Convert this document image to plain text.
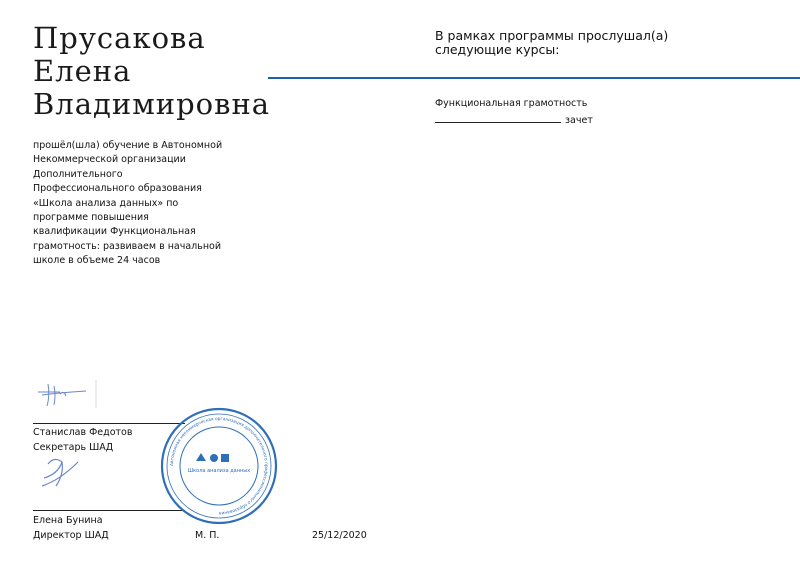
Прусакова
Елена
Владимировна
прошёл(шла) обучение в Автономной
Некоммерческой организации
Дополнительного
Профессионального образования
«Школа анализа данных» по
программе повышения
квалификации Функциональная
грамотность: развиваем в начальной
школе в объеме 24 часов
В рамках программы прослушал(а)
следующие курсы:
Функциональная грамотность
зачет
Станислав Федотов
Секретарь ШАД
Елена Бунина
Директор ШАД
Автономная некоммерческая организация дополнительного профессионального образования
Школа анализа данных
М. П.	25/12/2020
